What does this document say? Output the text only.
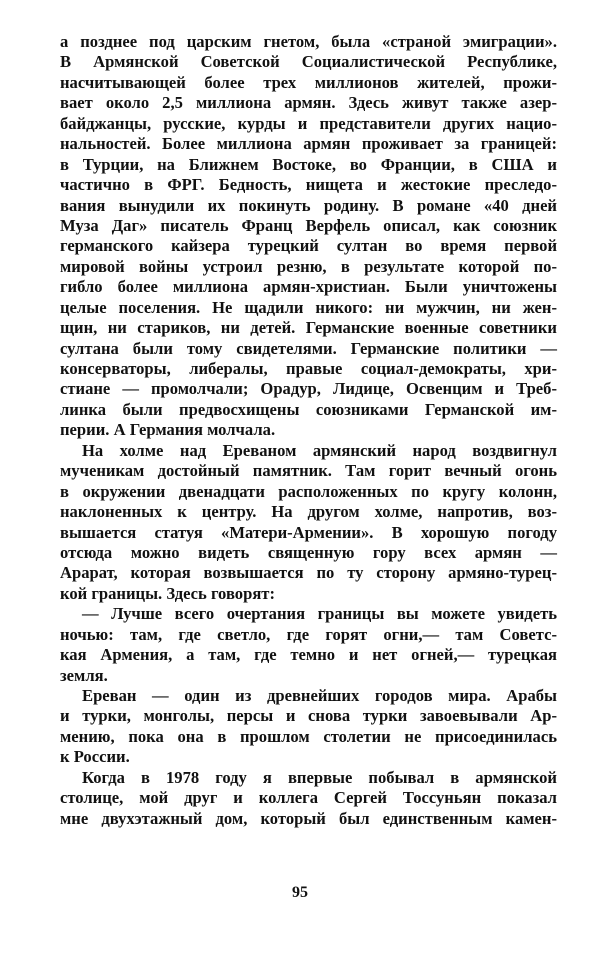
а позднее под царским гнетом, была «страной эмиграции».
В Армянской Советской Социалистической Республике,
насчитывающей более трех миллионов жителей, прожи-
вает около 2,5 миллиона армян. Здесь живут также азер-
байджанцы, русские, курды и представители других нацио-
нальностей. Более миллиона армян проживает за границей:
в Турции, на Ближнем Востоке, во Франции, в США и
частично в ФРГ. Бедность, нищета и жестокие преследо-
вания вынудили их покинуть родину. В романе «40 дней
Муза Даг» писатель Франц Верфель описал, как союзник
германского кайзера турецкий султан во время первой
мировой войны устроил резню, в результате которой по-
гибло более миллиона армян-христиан. Были уничтожены
целые поселения. Не щадили никого: ни мужчин, ни жен-
щин, ни стариков, ни детей. Германские военные советники
султана были тому свидетелями. Германские политики —
консерваторы, либералы, правые социал-демократы, хри-
стиане — промолчали; Орадур, Лидице, Освенцим и Треб-
линка были предвосхищены союзниками Германской им-
перии. А Германия молчала.
На холме над Ереваном армянский народ воздвигнул
мученикам достойный памятник. Там горит вечный огонь
в окружении двенадцати расположенных по кругу колонн,
наклоненных к центру. На другом холме, напротив, воз-
вышается статуя «Матери-Армении». В хорошую погоду
отсюда можно видеть священную гору всех армян —
Арарат, которая возвышается по ту сторону армяно-турец-
кой границы. Здесь говорят:
— Лучше всего очертания границы вы можете увидеть
ночью: там, где светло, где горят огни,— там Советс-
кая Армения, а там, где темно и нет огней,— турецкая
земля.
Ереван — один из древнейших городов мира. Арабы
и турки, монголы, персы и снова турки завоевывали Ар-
мению, пока она в прошлом столетии не присоединилась
к России.
Когда в 1978 году я впервые побывал в армянской
столице, мой друг и коллега Сергей Тоссуньян показал
мне двухэтажный дом, который был единственным камен-
95
